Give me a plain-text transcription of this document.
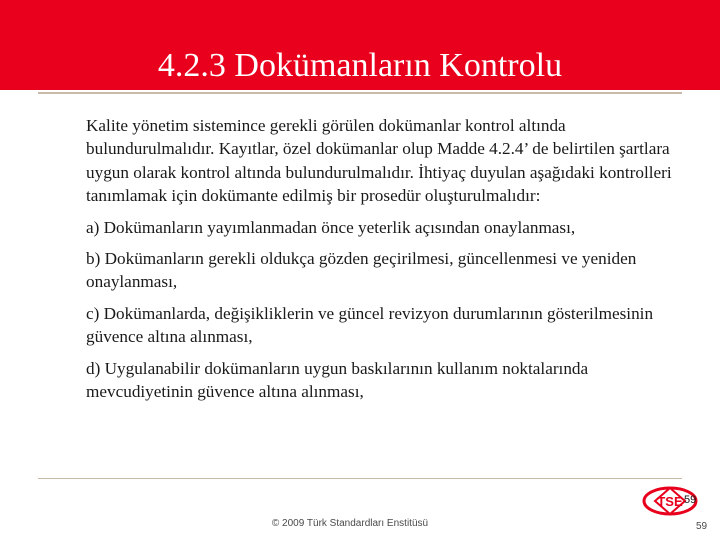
4.2.3 Dokümanların Kontrolu

Kalite yönetim sistemince gerekli görülen dokümanlar kontrol altında bulundurulmalıdır. Kayıtlar, özel dokümanlar olup Madde 4.2.4’ de belirtilen şartlara uygun olarak kontrol altında bulundurulmalıdır. İhtiyaç duyulan aşağıdaki kontrolleri tanımlamak için dokümante edilmiş bir prosedür oluşturulmalıdır:

a) Dokümanların yayımlanmadan önce yeterlik açısından onaylanması,

b) Dokümanların gerekli oldukça gözden geçirilmesi, güncellenmesi ve yeniden onaylanması,

c) Dokümanlarda, değişikliklerin ve güncel revizyon durumlarının gösterilmesinin güvence altına alınması,

d) Uygulanabilir dokümanların uygun baskılarının kullanım noktalarında mevcudiyetinin güvence altına alınması,

TSE 59
© 2009 Türk Standardları Enstitüsü	59
